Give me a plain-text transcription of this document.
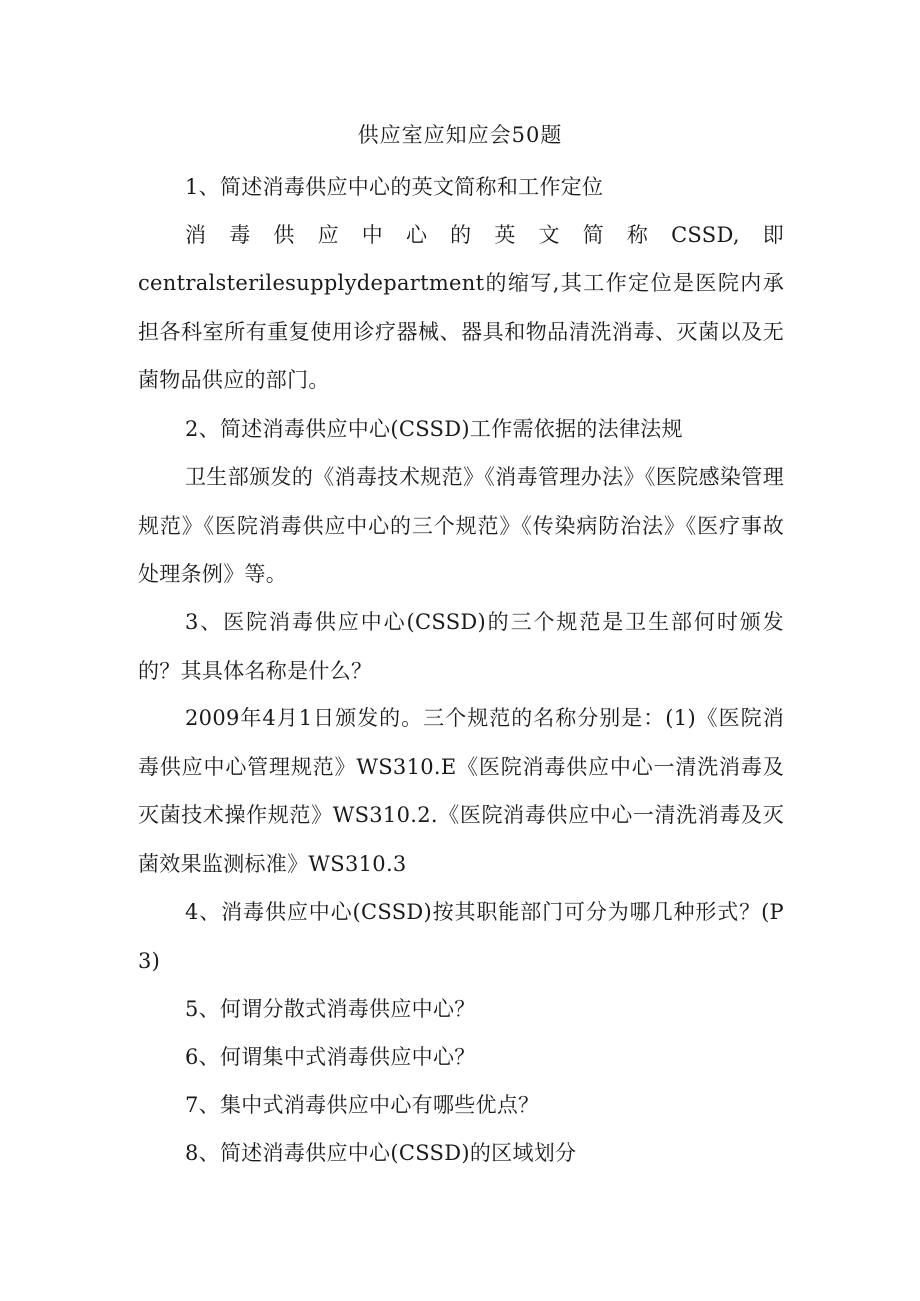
供应室应知应会50题
1、简述消毒供应中心的英文简称和工作定位
消毒供应中心的英文简称CSSD,即
centralsterilesupplydepartment的缩写,其工作定位是医院内承担各科室所有重复使用诊疗器械、器具和物品清洗消毒、灭菌以及无菌物品供应的部门。
2、简述消毒供应中心(CSSD)工作需依据的法律法规
卫生部颁发的《消毒技术规范》《消毒管理办法》《医院感染管理规范》《医院消毒供应中心的三个规范》《传染病防治法》《医疗事故处理条例》等。
3、医院消毒供应中心(CSSD)的三个规范是卫生部何时颁发的？其具体名称是什么？
2009年4月1日颁发的。三个规范的名称分别是：(1)《医院消毒供应中心管理规范》WS310.E《医院消毒供应中心一清洗消毒及灭菌技术操作规范》WS310.2.《医院消毒供应中心一清洗消毒及灭菌效果监测标准》WS310.3
4、消毒供应中心(CSSD)按其职能部门可分为哪几种形式？(P3)
5、何谓分散式消毒供应中心？
6、何谓集中式消毒供应中心？
7、集中式消毒供应中心有哪些优点？
8、简述消毒供应中心(CSSD)的区域划分
